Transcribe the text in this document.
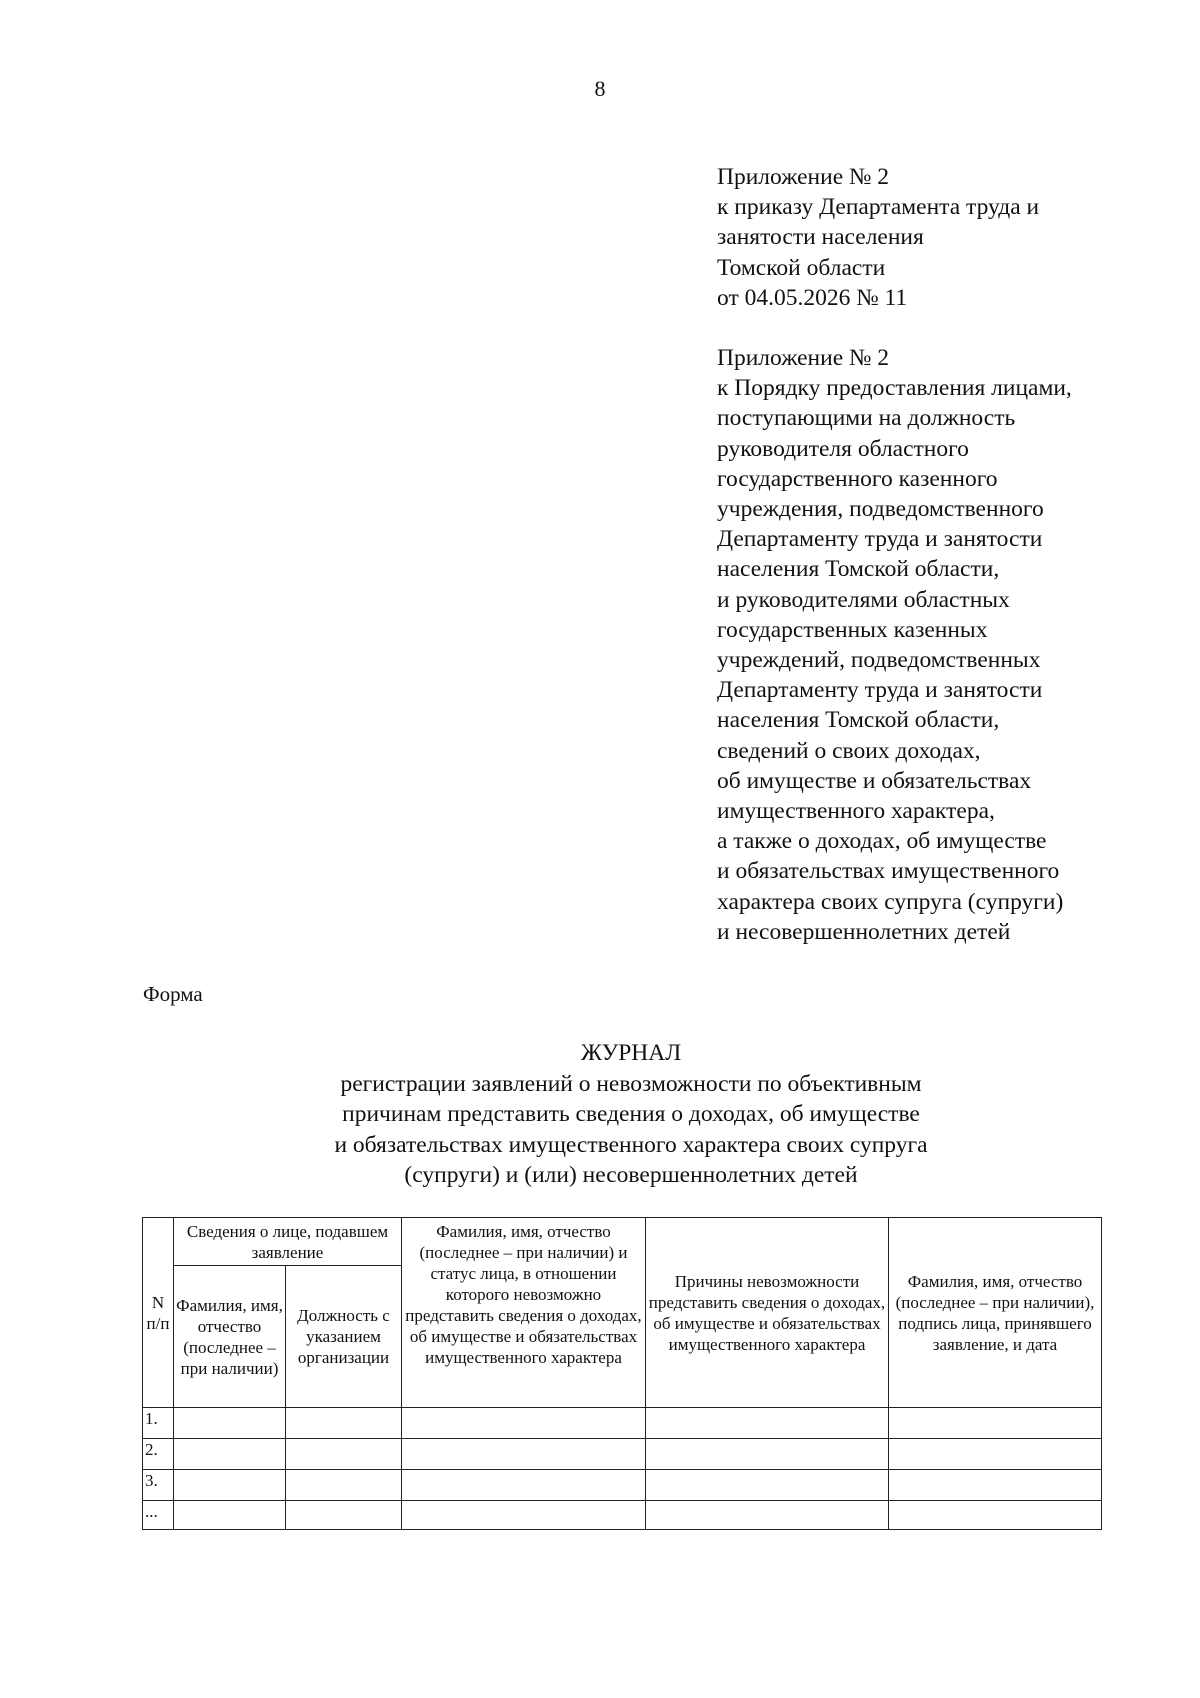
8
Приложение № 2
к приказу Департамента труда и
занятости населения
Томской области
от 04.05.2026 № 11
Приложение № 2
к Порядку предоставления лицами,
поступающими на должность
руководителя областного
государственного казенного
учреждения, подведомственного
Департаменту труда и занятости
населения Томской области,
и руководителями областных
государственных казенных
учреждений, подведомственных
Департаменту труда и занятости
населения Томской области,
сведений о своих доходах,
об имуществе и обязательствах
имущественного характера,
а также о доходах, об имуществе
и обязательствах имущественного
характера своих супруга (супруги)
и несовершеннолетних детей
Форма
ЖУРНАЛ
регистрации заявлений о невозможности по объективным
причинам представить сведения о доходах, об имуществе
и обязательствах имущественного характера своих супруга
(супруги) и (или) несовершеннолетних детей
N п/п	Сведения о лице, подавшем заявление		Фамилия, имя, отчество (последнее – при наличии) и статус лица, в отношении которого невозможно представить сведения о доходах, об имуществе и обязательствах имущественного характера	Причины невозможности представить сведения о доходах, об имуществе и обязательствах имущественного характера	Фамилия, имя, отчество (последнее – при наличии), подпись лица, принявшего заявление, и дата
	Фамилия, имя, отчество (последнее – при наличии)	Должность с указанием организации			
1.					
2.					
3.					
...					
